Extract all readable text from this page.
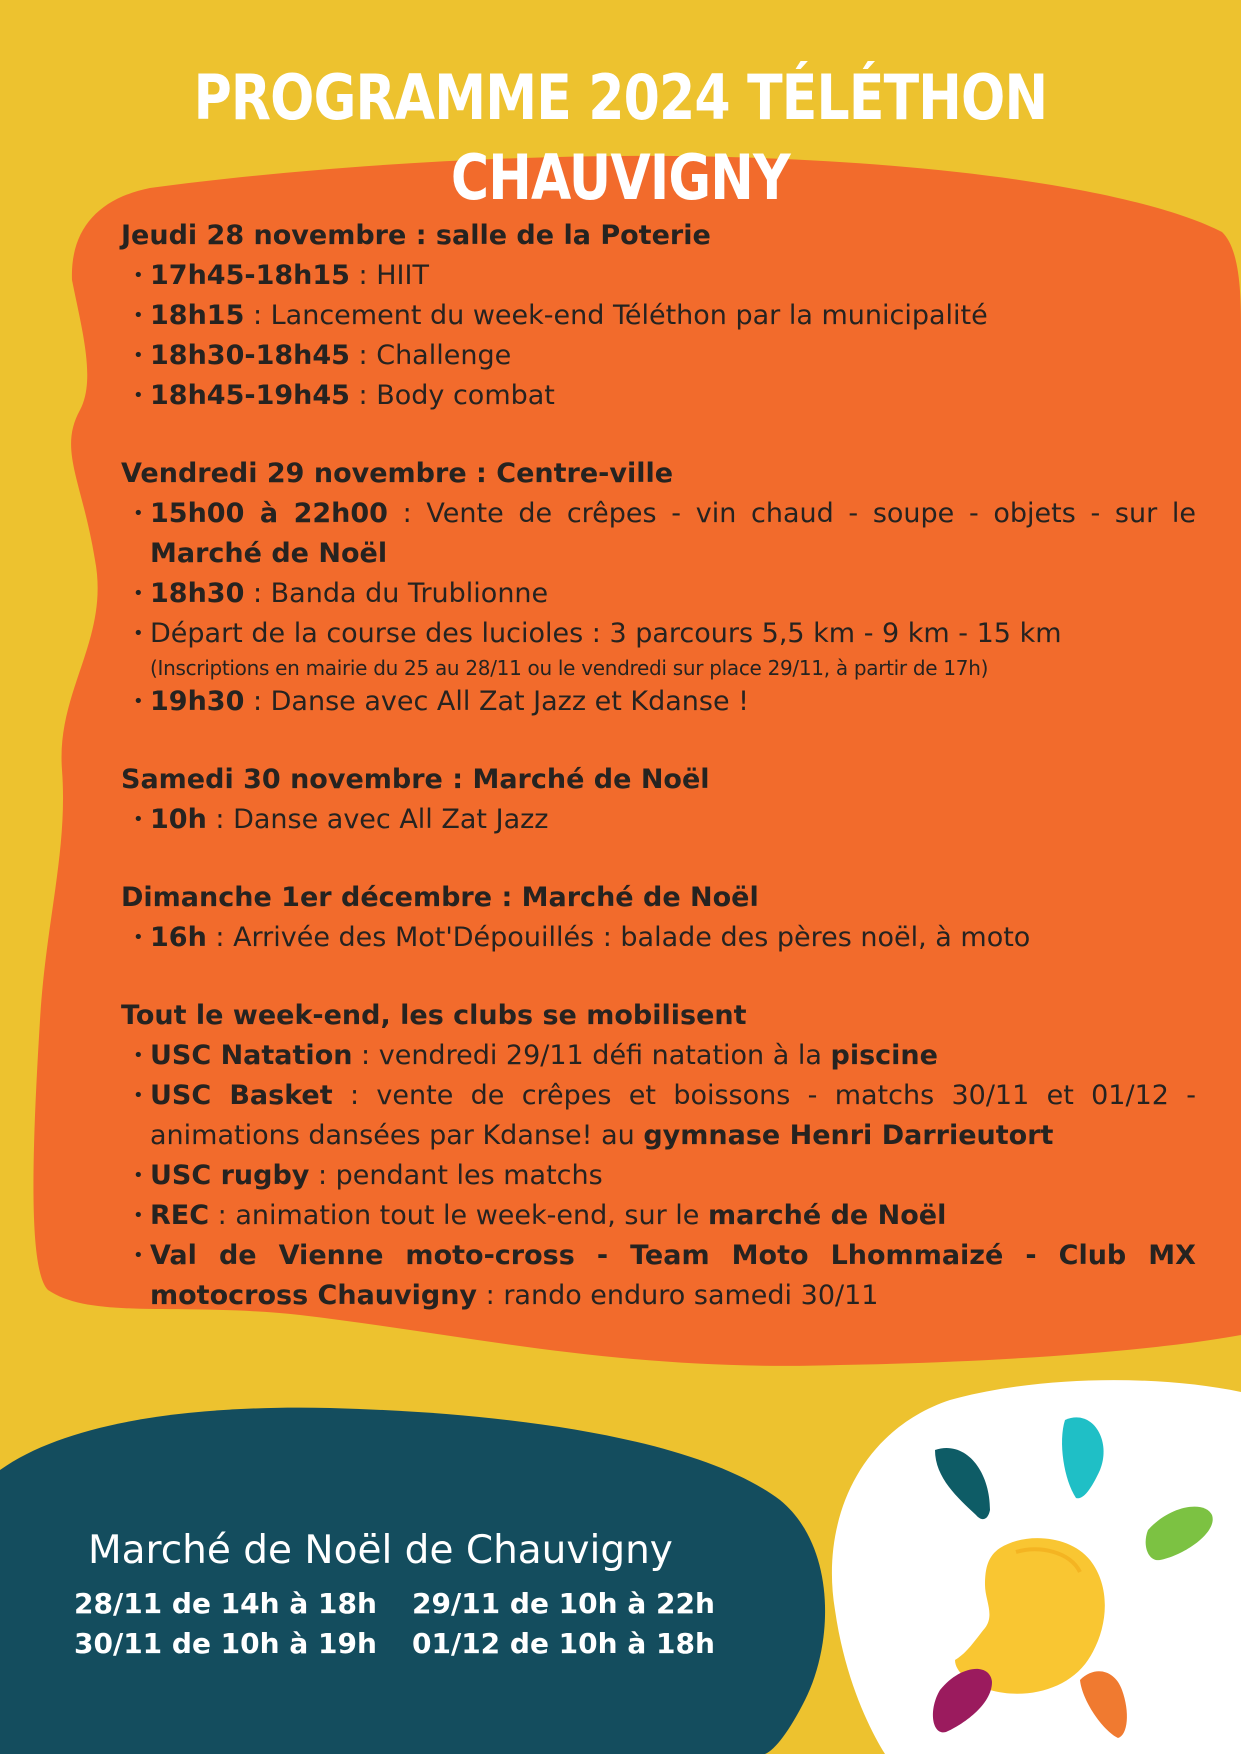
PROGRAMME 2024 TÉLÉTHON CHAUVIGNY
Jeudi 28 novembre : salle de la Poterie
• 17h45-18h15 : HIIT
• 18h15 : Lancement du week-end Téléthon par la municipalité
• 18h30-18h45 : Challenge
• 18h45-19h45 : Body combat
Vendredi 29 novembre : Centre-ville
• 15h00 à 22h00 : Vente de crêpes - vin chaud - soupe - objets - sur le Marché de Noël
• 18h30 : Banda du Trublionne
• Départ de la course des lucioles : 3 parcours 5,5 km - 9 km - 15 km
(Inscriptions en mairie du 25 au 28/11 ou le vendredi sur place 29/11, à partir de 17h)
• 19h30 : Danse avec All Zat Jazz et Kdanse !
Samedi 30 novembre : Marché de Noël
• 10h : Danse avec All Zat Jazz
Dimanche 1er décembre : Marché de Noël
• 16h : Arrivée des Mot'Dépouillés : balade des pères noël, à moto
Tout le week-end, les clubs se mobilisent
• USC Natation : vendredi 29/11 défi natation à la piscine
• USC Basket : vente de crêpes et boissons - matchs 30/11 et 01/12 - animations dansées par Kdanse! au gymnase Henri Darrieutort
• USC rugby : pendant les matchs
• REC : animation tout le week-end, sur le marché de Noël
• Val de Vienne moto-cross - Team Moto Lhommaizé - Club MX motocross Chauvigny : rando enduro samedi 30/11
Marché de Noël de Chauvigny
28/11 de 14h à 18h	29/11 de 10h à 22h
30/11 de 10h à 19h	01/12 de 10h à 18h
